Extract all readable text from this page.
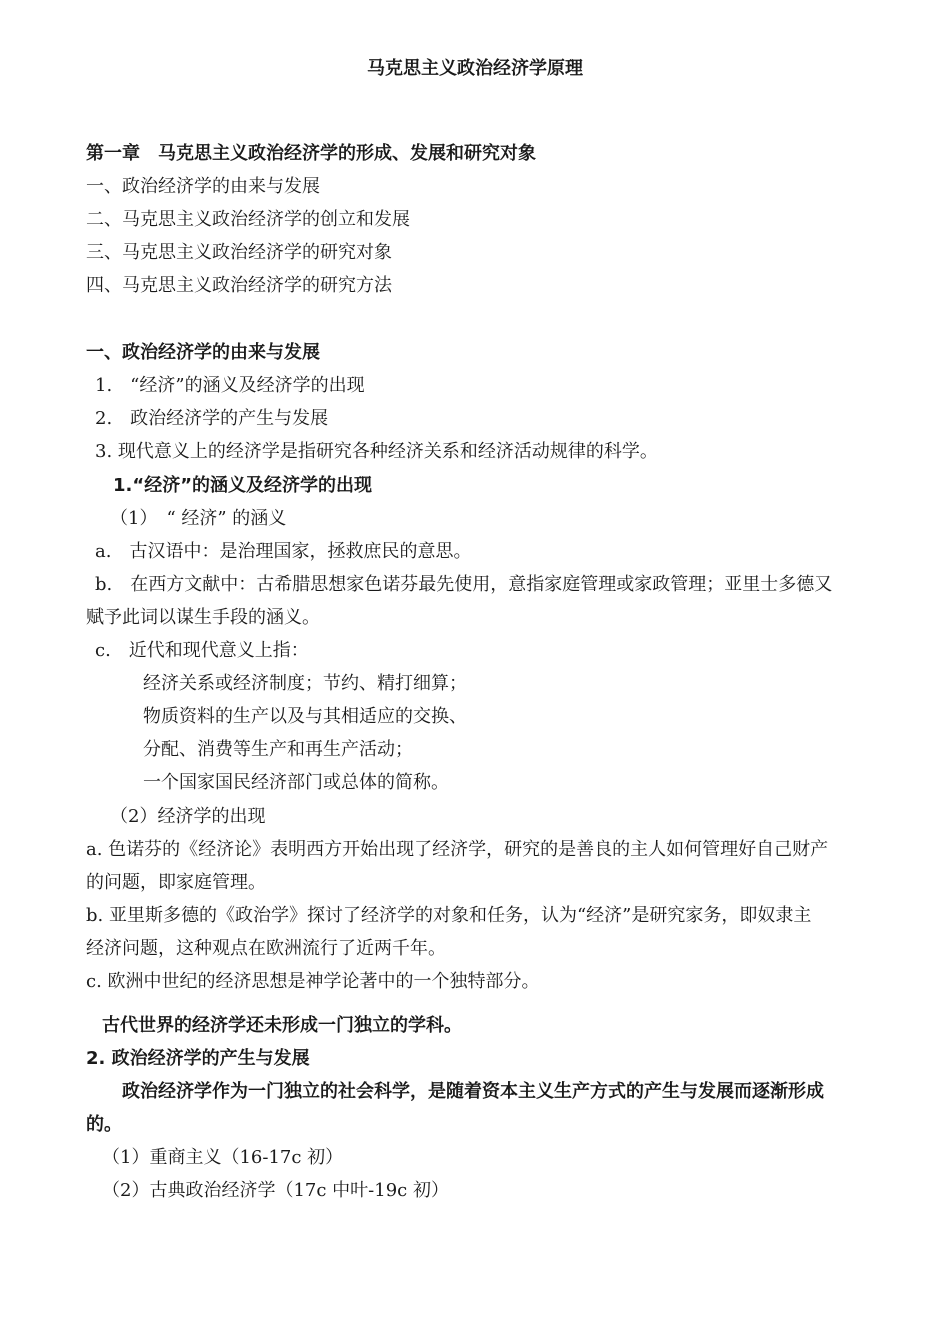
马克思主义政治经济学原理
第一章　马克思主义政治经济学的形成、发展和研究对象
一、政治经济学的由来与发展
二、马克思主义政治经济学的创立和发展
三、马克思主义政治经济学的研究对象
四、马克思主义政治经济学的研究方法
一、政治经济学的由来与发展
1.　“经济”的涵义及经济学的出现
2.　政治经济学的产生与发展
3. 现代意义上的经济学是指研究各种经济关系和经济活动规律的科学。
1.“经济”的涵义及经济学的出现
（1）　“ 经济” 的涵义
a.　古汉语中：是治理国家，拯救庶民的意思。
b.　在西方文献中：古希腊思想家色诺芬最先使用，意指家庭管理或家政管理；亚里士多德又
赋予此词以谋生手段的涵义。
c.　近代和现代意义上指：
经济关系或经济制度；节约、精打细算；
物质资料的生产以及与其相适应的交换、
分配、消费等生产和再生产活动；
一个国家国民经济部门或总体的简称。
（2）经济学的出现
a. 色诺芬的《经济论》表明西方开始出现了经济学，研究的是善良的主人如何管理好自己财产
的问题，即家庭管理。
b. 亚里斯多德的《政治学》探讨了经济学的对象和任务，认为“经济”是研究家务，即奴隶主
经济问题，这种观点在欧洲流行了近两千年。
c. 欧洲中世纪的经济思想是神学论著中的一个独特部分。
古代世界的经济学还未形成一门独立的学科。
2. 政治经济学的产生与发展
政治经济学作为一门独立的社会科学，是随着资本主义生产方式的产生与发展而逐渐形成
的。
（1）重商主义（16-17c 初）
（2）古典政治经济学（17c 中叶-19c 初）
